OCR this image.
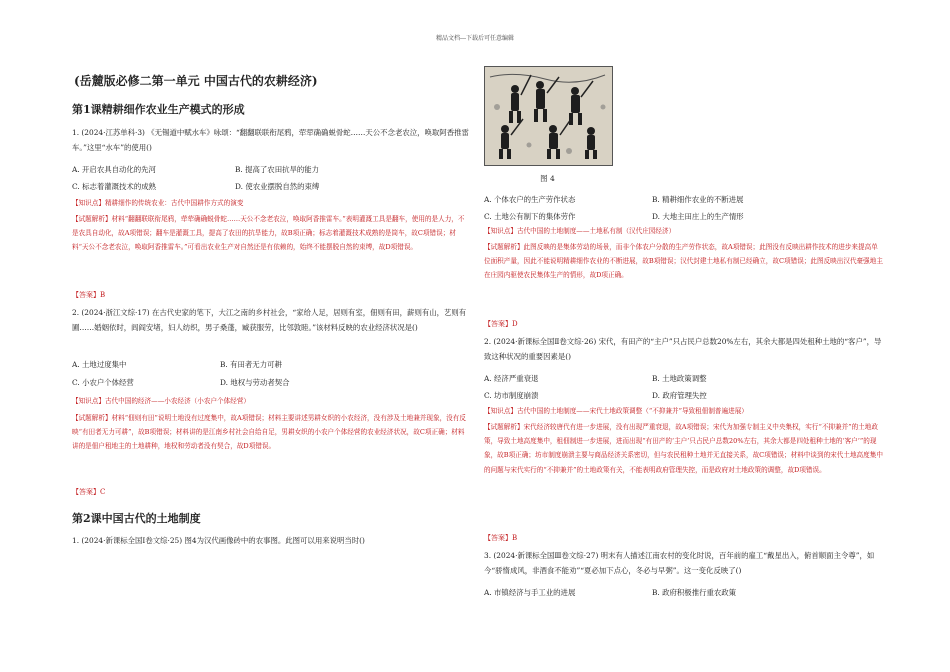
精品文档---下载后可任意编辑
(岳麓版必修二第一单元 中国古代的农耕经济)
第1课精耕细作农业生产模式的形成
1. (2024·江苏单科·3) 《无锡道中赋水车》咏颂：“翻翻联联衔尾鸦，荦荦确确蜕骨蛇……天公不念老农泣，唤取阿香推雷车。”这里“水车”的使用()
A. 开启农具自动化的先河	B. 提高了农田抗旱的能力
C. 标志着灌溉技术的成熟	D. 使农业摆脱自然的束缚
【知识点】精耕细作的传统农业：古代中国耕作方式的演变
【试题解析】材料“翻翻联联衔尾鸦，荦荦确确蜕骨蛇……天公不念老农泣，唤取阿香推雷车。”表明灌溉工具是翻车，使用的是人力，不是农具自动化，故A项错误；翻车是灌溉工具，提高了农田的抗旱能力，故B项正确；标志着灌溉技术成熟的是筒车，故C项错误；材料“天公不念老农泣，唤取阿香推雷车。”可看出农业生产对自然还是有依赖的，始终不能摆脱自然的束缚，故D项错误。
【答案】B
2. (2024·浙江文综·17) 在古代史家的笔下，大江之南的乡村社会，“家给人足，居则有室，佃则有田，薪则有山，艺则有圃……婚姻依时，闾阎安堵，妇人纺织，男子桑蓬，臧获服劳，比邻敦睦。”该材料反映的农业经济状况是()
A. 土地过度集中	B. 有田者无力可耕
C. 小农户个体经营	D. 地权与劳动者契合
【知识点】古代中国的经济——小农经济（小农户个体经营）
【试题解析】材料“佃则有田”说明土地没有过度集中，故A项错误；材料主要讲述男耕女织的小农经济，没有涉及土地兼并现象，没有反映“有田者无力可耕”，故B项错误；材料讲的是江南乡村社会自给自足，男耕女织的小农户个体经营的农业经济状况，故C项正确；材料讲的是佃户租地主的土地耕种，地权和劳动者没有契合，故D项错误。
【答案】C
第2课中国古代的土地制度
1. (2024·新课标全国Ⅰ卷文综·25) 图4为汉代画像砖中的农事图。此图可以用来说明当时()
图 4
A. 个体农户的生产劳作状态	B. 精耕细作农业的不断进展
C. 土地公有制下的集体劳作	D. 大地主田庄上的生产情形
【知识点】古代中国的土地制度——土地私有制（汉代庄园经济）
【试题解析】此图反映的是集体劳动的场景，而非个体农户分散的生产劳作状态，故A项错误；此图没有反映出耕作技术的进步来提高单位面积产量，因此不能说明精耕细作农业的不断进展，故B项错误；汉代封建土地私有制已经确立，故C项错误；此图反映出汉代豪强地主在庄园内驱使农民集体生产的情形，故D项正确。
【答案】D
2. (2024·新课标全国Ⅱ卷文综·26) 宋代，有田产的“主户”只占民户总数20%左右，其余大都是四处租种土地的“客户”，导致这种状况的重要因素是()
A. 经济严重衰退	B. 土地政策调整
C. 坊市制度崩溃	D. 政府管理失控
【知识点】古代中国的土地制度——宋代土地政策调整（“不抑兼并”导致租佃制普遍进展）
【试题解析】宋代经济较唐代有进一步进展，没有出现严重衰退，故A项错误；宋代为加强专制主义中央集权，实行“不抑兼并”的土地政策，导致土地高度集中，租佃制进一步进展，进而出现“有田产的‘主户’只占民户总数20%左右，其余大都是四处租种土地的‘客户’”的现象，故B项正确；坊市制度崩溃主要与商品经济关系密切，但与农民租种土地并无直接关系，故C项错误；材料中谈到的宋代土地高度集中的问题与宋代实行的“不抑兼并”的土地政策有关，不能表明政府管理失控，而是政府对土地政策的调整，故D项错误。
【答案】B
3. (2024·新课标全国Ⅲ卷文综·27) 明末有人描述江南农村的变化时说，百年前的雇工“戴星出入，俯首顺面主令尊”，如今“骄惰成风，非酒食不能劝”“夏必加下点心，冬必与早粥”。这一变化反映了()
A. 市镇经济与手工业的进展	B. 政府积极推行重农政策
